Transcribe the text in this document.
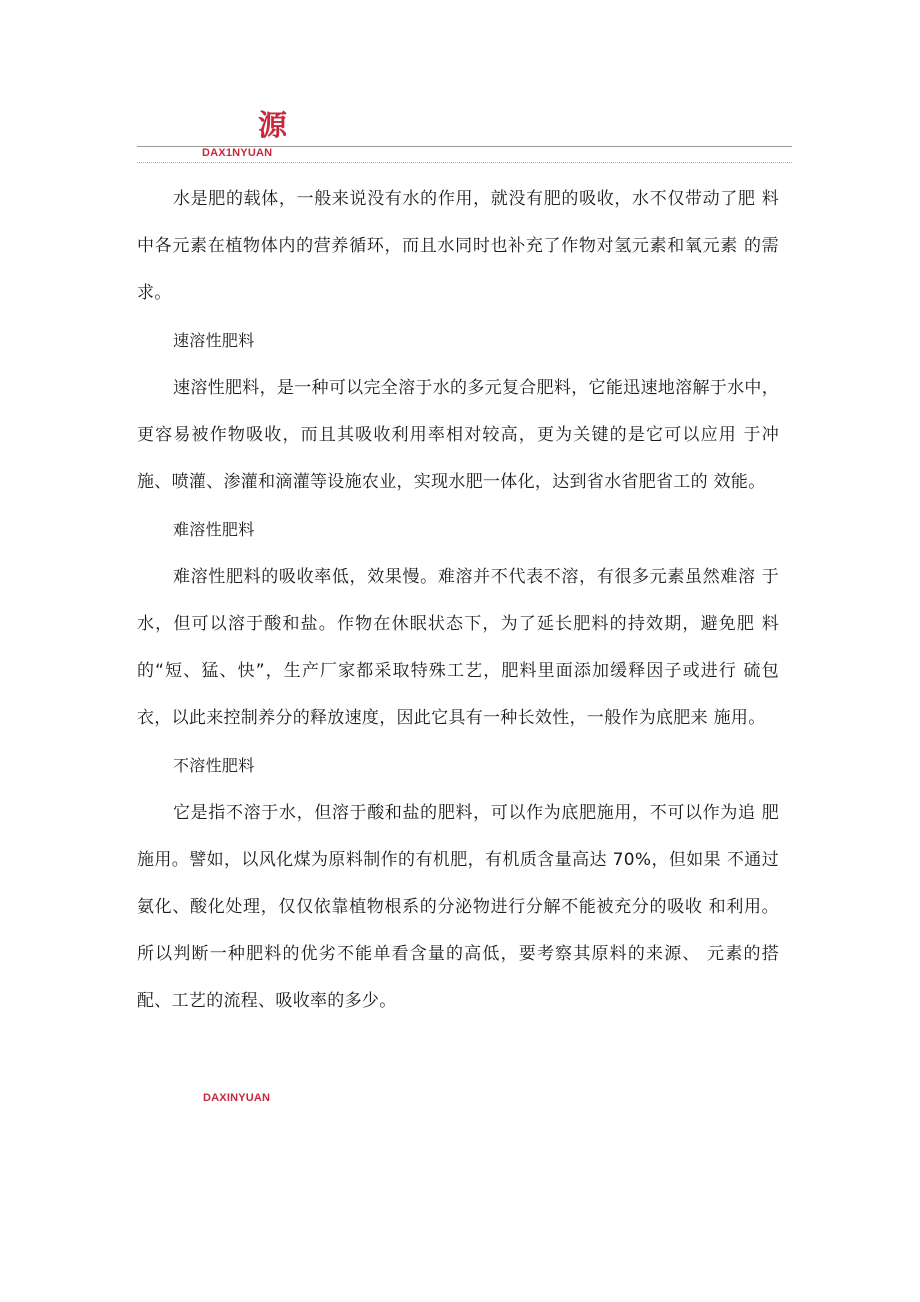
源
DAX1NYUAN

水是肥的载体，一般来说没有水的作用，就没有肥的吸收，水不仅带动了肥 料中各元素在植物体内的营养循环，而且水同时也补充了作物对氢元素和氧元素 的需求。

速溶性肥料

速溶性肥料，是一种可以完全溶于水的多元复合肥料，它能迅速地溶解于水中，更容易被作物吸收，而且其吸收利用率相对较高，更为关键的是它可以应用 于冲施、喷灌、渗灌和滴灌等设施农业，实现水肥一体化，达到省水省肥省工的 效能。

难溶性肥料

难溶性肥料的吸收率低，效果慢。难溶并不代表不溶，有很多元素虽然难溶 于水，但可以溶于酸和盐。作物在休眠状态下，为了延长肥料的持效期，避免肥 料的“短、猛、快”，生产厂家都采取特殊工艺，肥料里面添加缓释因子或进行 硫包衣，以此来控制养分的释放速度，因此它具有一种长效性，一般作为底肥来 施用。

不溶性肥料

它是指不溶于水，但溶于酸和盐的肥料，可以作为底肥施用，不可以作为追 肥施用。譬如，以风化煤为原料制作的有机肥，有机质含量高达 70%，但如果 不通过氨化、酸化处理，仅仅依靠植物根系的分泌物进行分解不能被充分的吸收 和利用。所以判断一种肥料的优劣不能单看含量的高低，要考察其原料的来源、 元素的搭配、工艺的流程、吸收率的多少。

DAXINYUAN
